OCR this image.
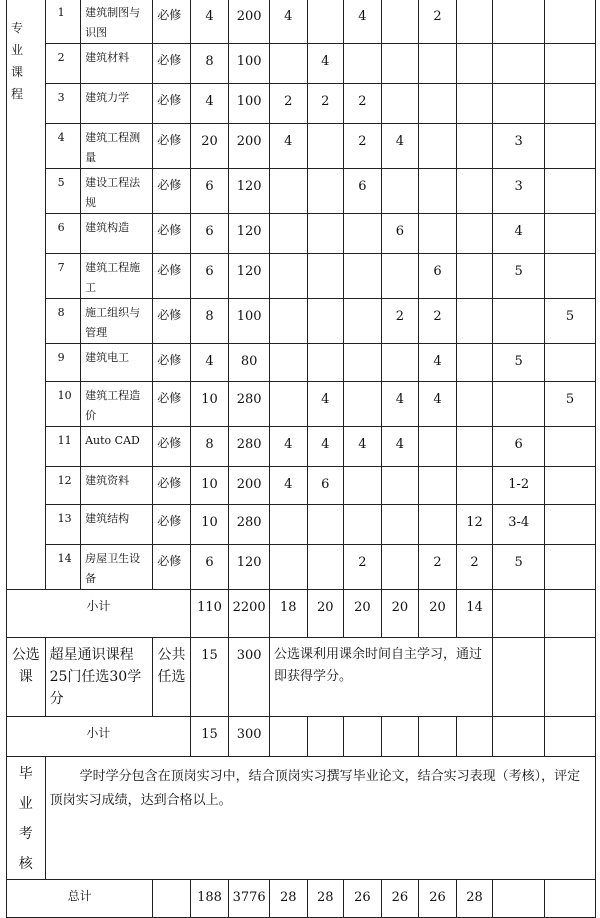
专业课程	1	建筑制图与识图	必修	4	200	4		4		2			
	2	建筑材料	必修	8	100		4						
	3	建筑力学	必修	4	100	2	2	2					
	4	建筑工程测量	必修	20	200	4		2	4			3	
	5	建设工程法规	必修	6	120			6				3	
	6	建筑构造	必修	6	120				6			4	
	7	建筑工程施工	必修	6	120					6		5	
	8	施工组织与管理	必修	8	100				2	2			5
	9	建筑电工	必修	4	80					4		5	
	10	建筑工程造价	必修	10	280		4		4	4			5
	11	Auto CAD	必修	8	280	4	4	4	4			6	
	12	建筑资料	必修	10	200	4	6					1-2	
	13	建筑结构	必修	10	280						12	3-4	
	14	房屋卫生设备	必修	6	120			2		2	2	5	
小计				110	2200	18	20	20	20	20	14		
公选课	超星通识课程25门任选30学分		公共任选	15	300	公选课利用课余时间自主学习，通过即获得学分。							
小计				15	300								

毕
业
考
核	学时学分包含在顶岗实习中，结合顶岗实习撰写毕业论文，结合实习表现（考核），评定顶岗实习成绩，达到合格以上。												
总计				188	3776	28	28	26	26	26	28		
